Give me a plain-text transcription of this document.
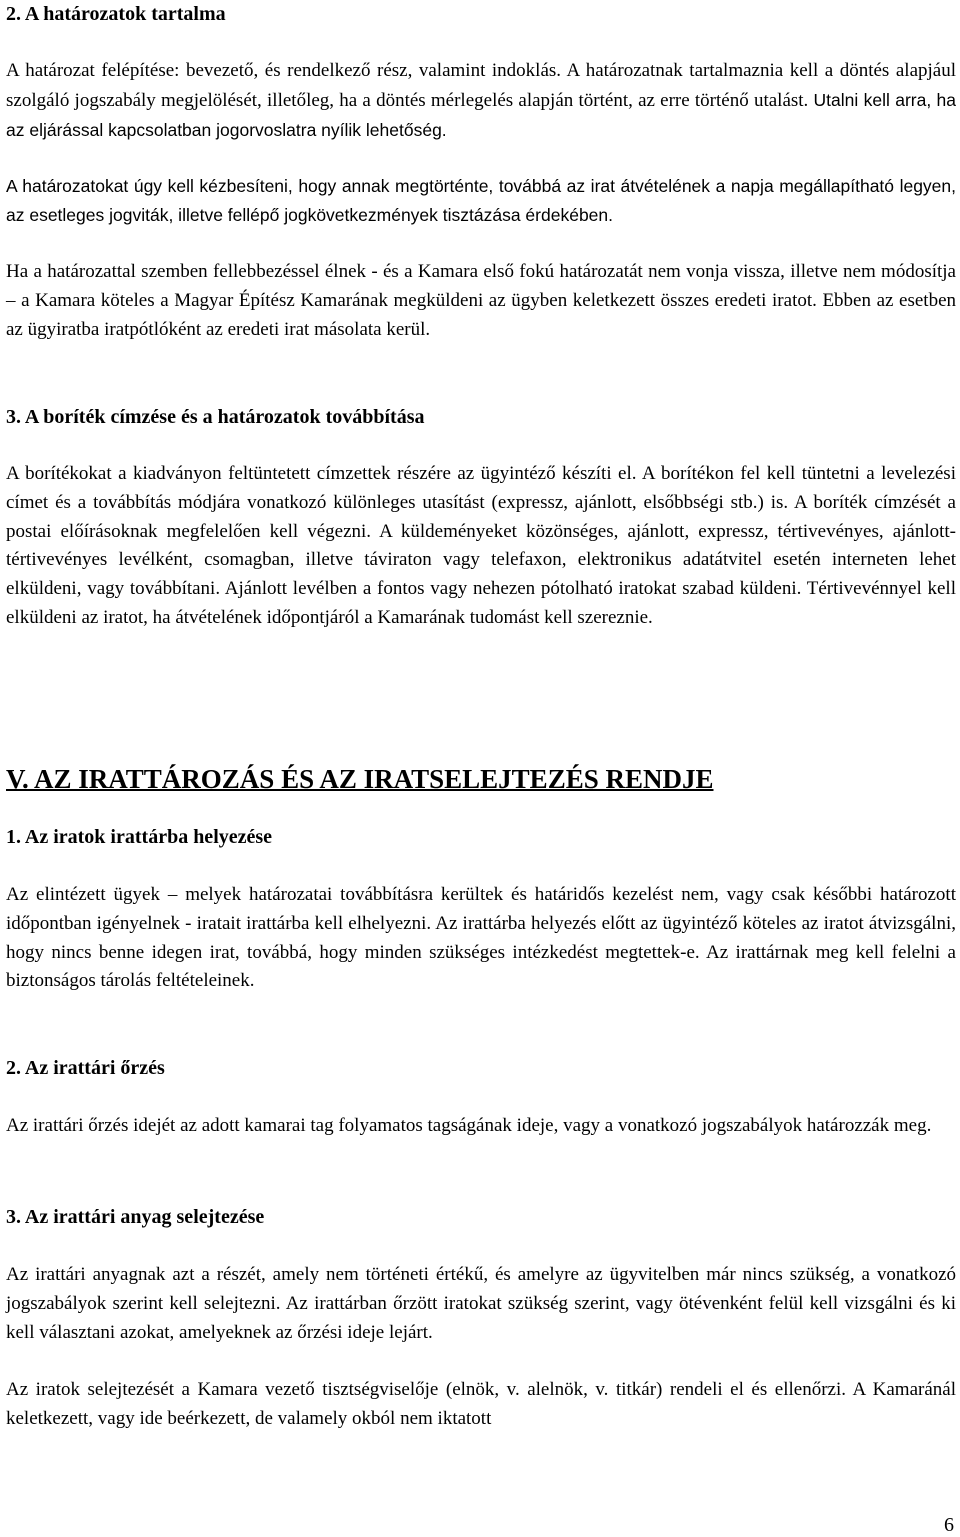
2. A határozatok tartalma
A határozat felépítése: bevezető, és rendelkező rész, valamint indoklás. A határozatnak tartalmaznia kell a döntés alapjául szolgáló jogszabály megjelölését, illetőleg, ha a döntés mérlegelés alapján történt, az erre történő utalást. Utalni kell arra, ha az eljárással kapcsolatban jogorvoslatra nyílik lehetőség.
A határozatokat úgy kell kézbesíteni, hogy annak megtörténte, továbbá az irat átvételének a napja megállapítható legyen, az esetleges jogviták, illetve fellépő jogkövetkezmények tisztázása érdekében.
Ha a határozattal szemben fellebbezéssel élnek - és a Kamara első fokú határozatát nem vonja vissza, illetve nem módosítja – a Kamara köteles a Magyar Építész Kamarának megküldeni az ügyben keletkezett összes eredeti iratot. Ebben az esetben az ügyiratba iratpótlóként az eredeti irat másolata kerül.
3. A boríték címzése és a határozatok továbbítása
A borítékokat a kiadványon feltüntetett címzettek részére az ügyintéző készíti el. A borítékon fel kell tüntetni a levelezési címet és a továbbítás módjára vonatkozó különleges utasítást (expressz, ajánlott, elsőbbségi stb.) is. A boríték címzését a postai előírásoknak megfelelően kell végezni. A küldeményeket közönséges, ajánlott, expressz, tértivevényes, ajánlott-tértivevényes levélként, csomagban, illetve táviraton vagy telefaxon, elektronikus adatátvitel esetén interneten lehet elküldeni, vagy továbbítani. Ajánlott levélben a fontos vagy nehezen pótolható iratokat szabad küldeni. Tértivevénnyel kell elküldeni az iratot, ha átvételének időpontjáról a Kamarának tudomást kell szereznie.
V. AZ IRATTÁROZÁS ÉS AZ IRATSELEJTEZÉS RENDJE
1. Az iratok irattárba helyezése
Az elintézett ügyek – melyek határozatai továbbításra kerültek és határidős kezelést nem, vagy csak későbbi határozott időpontban igényelnek - iratait irattárba kell elhelyezni. Az irattárba helyezés előtt az ügyintéző köteles az iratot átvizsgálni, hogy nincs benne idegen irat, továbbá, hogy minden szükséges intézkedést megtettek-e. Az irattárnak meg kell felelni a biztonságos tárolás feltételeinek.
2. Az irattári őrzés
Az irattári őrzés idejét az adott kamarai tag folyamatos tagságának ideje, vagy a vonatkozó jogszabályok határozzák meg.
3. Az irattári anyag selejtezése
Az irattári anyagnak azt a részét, amely nem történeti értékű, és amelyre az ügyvitelben már nincs szükség, a vonatkozó jogszabályok szerint kell selejtezni. Az irattárban őrzött iratokat szükség szerint, vagy ötévenként felül kell vizsgálni és ki kell választani azokat, amelyeknek az őrzési ideje lejárt.
Az iratok selejtezését a Kamara vezető tisztségviselője (elnök, v. alelnök, v. titkár) rendeli el és ellenőrzi. A Kamaránál keletkezett, vagy ide beérkezett, de valamely okból nem iktatott
6
